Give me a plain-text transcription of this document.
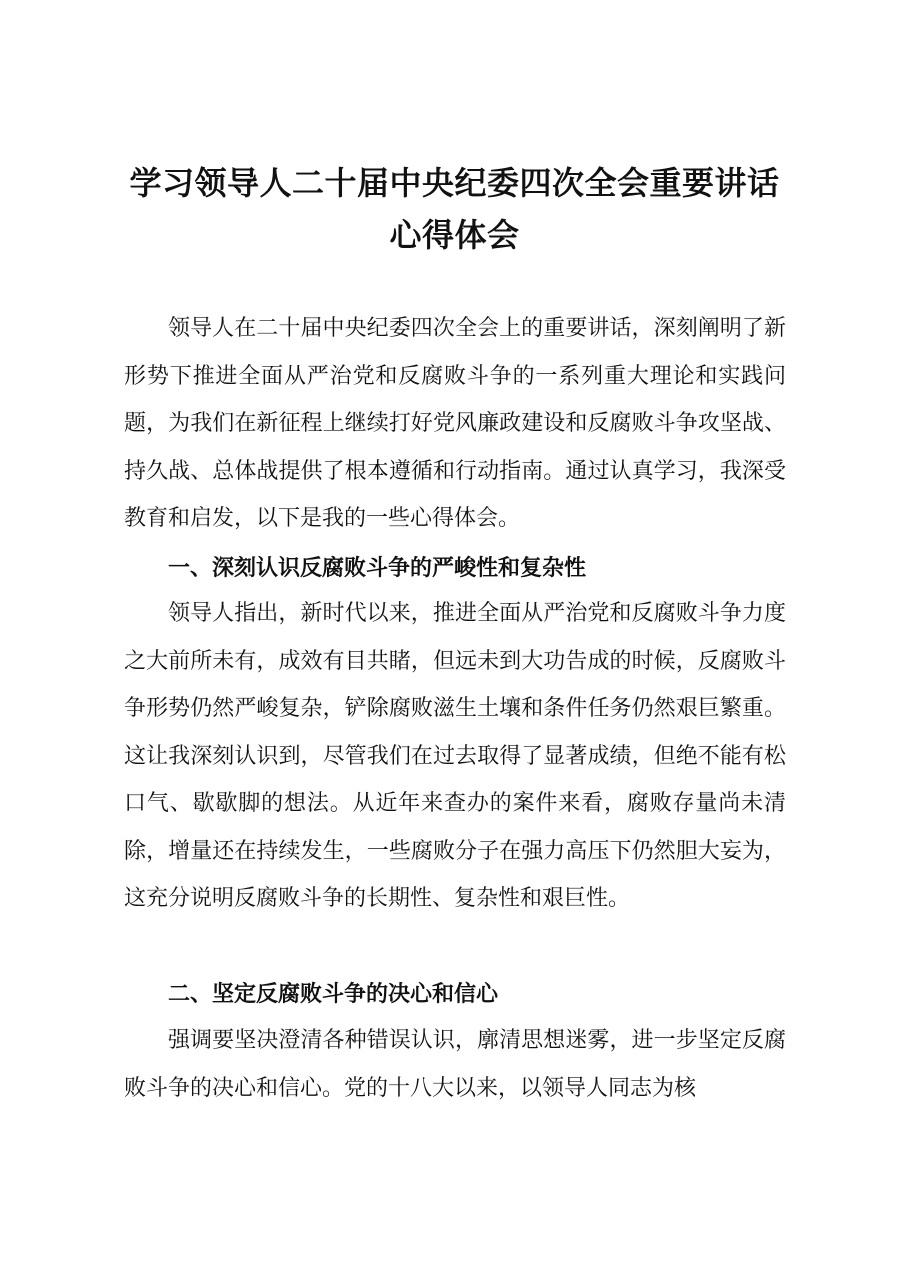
学习领导人二十届中央纪委四次全会重要讲话
心得体会

领导人在二十届中央纪委四次全会上的重要讲话，深刻阐明了新形势下推进全面从严治党和反腐败斗争的一系列重大理论和实践问题，为我们在新征程上继续打好党风廉政建设和反腐败斗争攻坚战、持久战、总体战提供了根本遵循和行动指南。通过认真学习，我深受教育和启发，以下是我的一些心得体会。

一、深刻认识反腐败斗争的严峻性和复杂性

领导人指出，新时代以来，推进全面从严治党和反腐败斗争力度之大前所未有，成效有目共睹，但远未到大功告成的时候，反腐败斗争形势仍然严峻复杂，铲除腐败滋生土壤和条件任务仍然艰巨繁重。这让我深刻认识到，尽管我们在过去取得了显著成绩，但绝不能有松口气、歇歇脚的想法。从近年来查办的案件来看，腐败存量尚未清除，增量还在持续发生，一些腐败分子在强力高压下仍然胆大妄为，这充分说明反腐败斗争的长期性、复杂性和艰巨性。

二、坚定反腐败斗争的决心和信心

强调要坚决澄清各种错误认识，廓清思想迷雾，进一步坚定反腐败斗争的决心和信心。党的十八大以来，以领导人同志为核
